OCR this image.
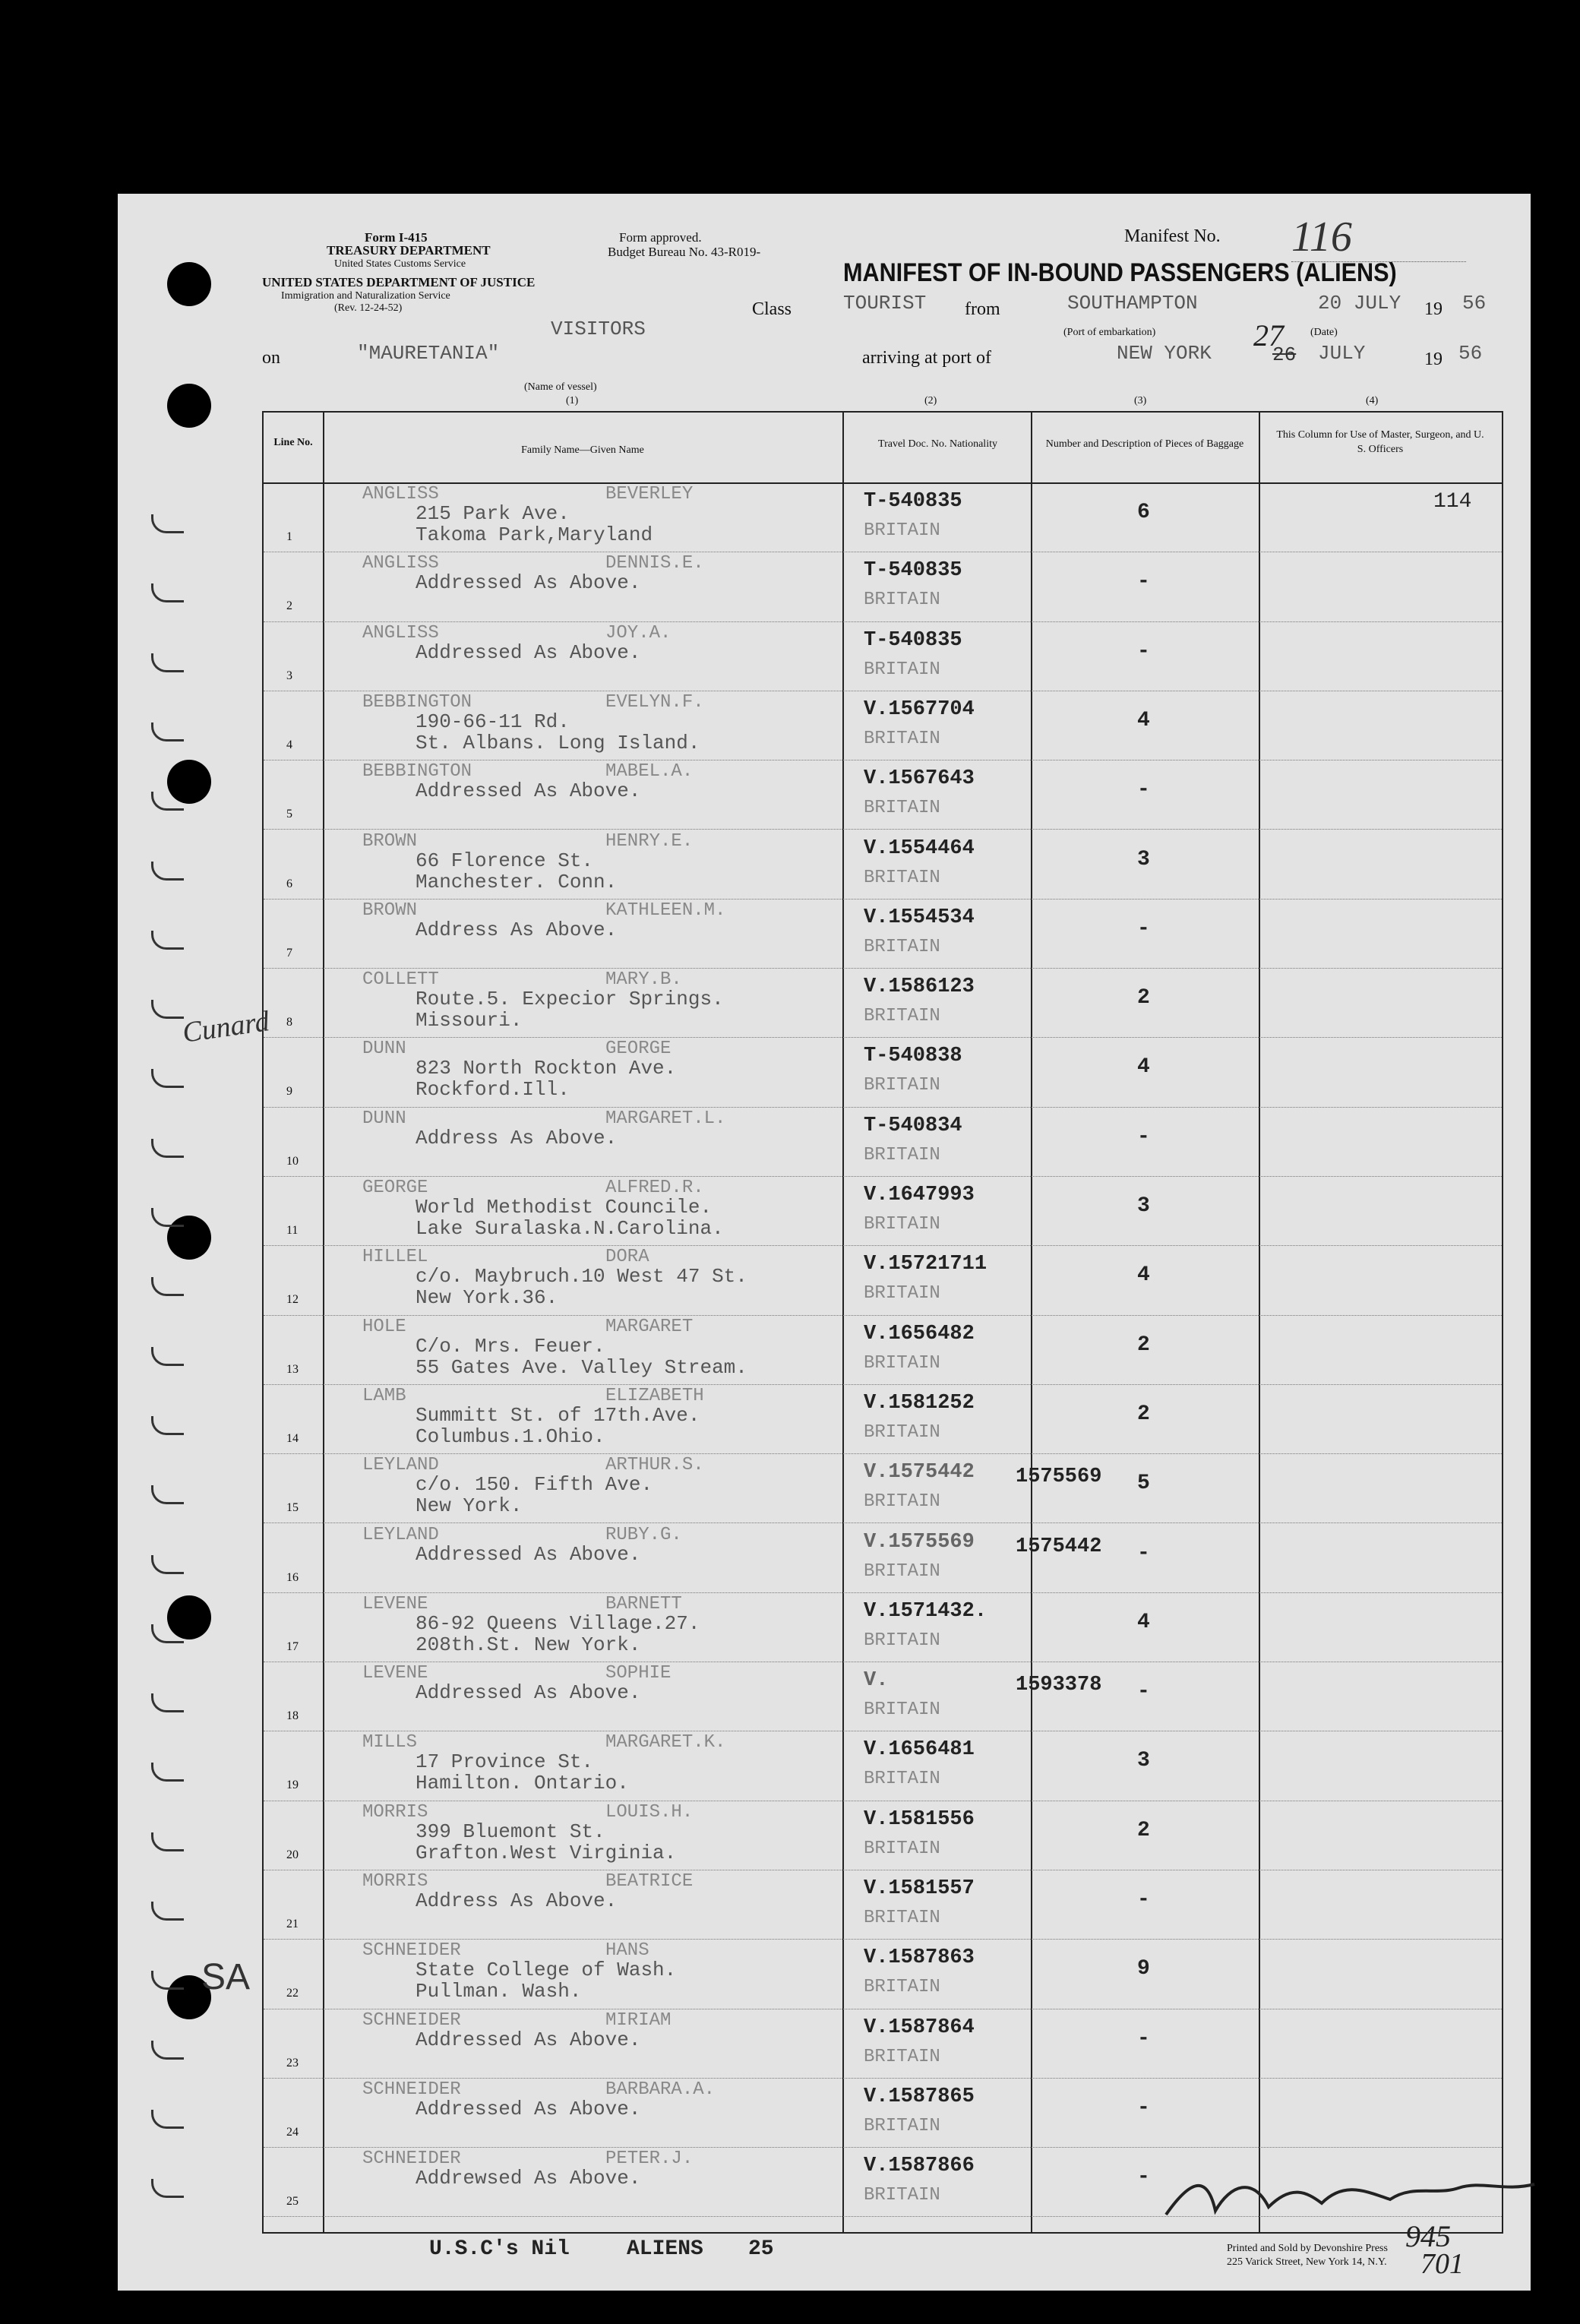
Form I-415
TREASURY DEPARTMENT
United States Customs Service
Form approved.
Budget Bureau No. 43-R019-
UNITED STATES DEPARTMENT OF JUSTICE
Immigration and Naturalization Service
(Rev. 12-24-52)
Manifest No. 116
MANIFEST OF IN-BOUND PASSENGERS (ALIENS)
Class	TOURIST from	SOUTHAMPTON	20 JULY 19 56
(Port of embarkation)	(Date)
VISITORS
on	"MAURETANIA"	arriving at port of	NEW YORK	26
27
JULY	19 56
(Name of vessel)
(1)	(2)	(3)	(4)
Line No.
Family Name—Given Name
Travel Doc. No. Nationality	Number and Description of Pieces of Baggage
This Column for Use of Master, Surgeon, and U. S. Officers
1
ANGLISS	BEVERLEY
215 Park Ave.
Takoma Park,Maryland
T-540835
BRITAIN
6	114
2
ANGLISS	DENNIS.E.
Addressed As Above.
T-540835
BRITAIN
-
3
ANGLISS	JOY.A.
Addressed As Above.
T-540835
BRITAIN
-
4
BEBBINGTON	EVELYN.F.
190-66-11 Rd.
St. Albans. Long Island.
V.1567704
BRITAIN
4
5
BEBBINGTON	MABEL.A.
Addressed As Above.
V.1567643
BRITAIN
-
6
BROWN	HENRY.E.
66 Florence St.
Manchester. Conn.
V.1554464
BRITAIN
3
7
BROWN	KATHLEEN.M.
Address As Above.
V.1554534
BRITAIN
-
8
COLLETT	MARY.B.
Route.5. Expecior Springs.
Missouri.
V.1586123
BRITAIN
2
9
DUNN	GEORGE
823 North Rockton Ave.
Rockford.Ill.
T-540838
BRITAIN
4
10
DUNN	MARGARET.L.
Address As Above.
T-540834
BRITAIN
-
11
GEORGE	ALFRED.R.
World Methodist Councile.
Lake Suralaska.N.Carolina.
V.1647993
BRITAIN
3
12
HILLEL	DORA
c/o. Maybruch.10 West 47 St.
New York.36.
V.15721711
BRITAIN
4
13
HOLE	MARGARET
C/o. Mrs. Feuer.
55 Gates Ave. Valley Stream.
V.1656482
BRITAIN
2
14
LAMB	ELIZABETH
Summitt St. of 17th.Ave.
Columbus.1.Ohio.
V.1581252
BRITAIN
2
15
LEYLAND	ARTHUR.S.
c/o. 150. Fifth Ave.
New York.
V.1575442 1575569
BRITAIN
5
16
LEYLAND	RUBY.G.
Addressed As Above.
V.1575569 1575442
BRITAIN
-
17
LEVENE	BARNETT
86-92 Queens Village.27.
208th.St. New York.
V.1571432.
BRITAIN
4
18
LEVENE	SOPHIE
Addressed As Above.
V.	1593378
BRITAIN
-
19
MILLS	MARGARET.K.
17 Province St.
Hamilton. Ontario.
V.1656481
BRITAIN
3
20
MORRIS	LOUIS.H.
399 Bluemont St.
Grafton.West Virginia.
V.1581556
BRITAIN
2
21
MORRIS	BEATRICE
Address As Above.
V.1581557
BRITAIN
-
22
SCHNEIDER	HANS
State College of Wash.
Pullman. Wash.
V.1587863
BRITAIN
9
23
SCHNEIDER	MIRIAM
Addressed As Above.
V.1587864
BRITAIN
-
24
SCHNEIDER	BARBARA.A.
Addressed As Above.
V.1587865
BRITAIN
-
25
SCHNEIDER	PETER.J.
Addrewsed As Above.
V.1587866
BRITAIN
-
Cunard
SA
U.S.C's Nil	ALIENS 25	Printed and Sold by Devonshire Press
225 Varick Street, New York 14, N.Y.
945
701
